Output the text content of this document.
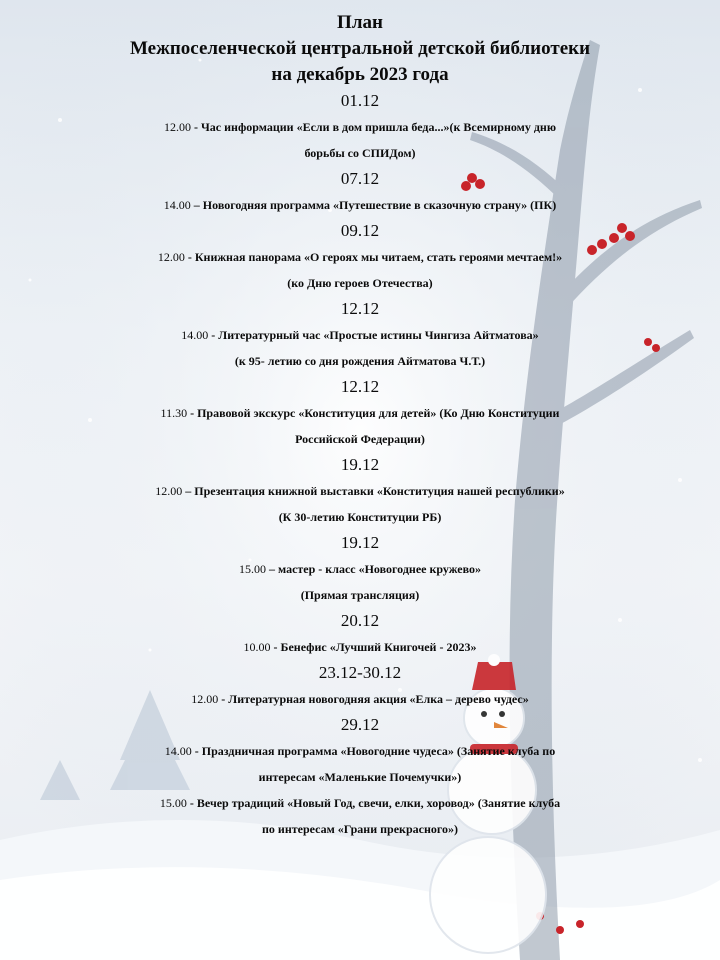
План
Межпоселенческой центральной детской библиотеки
на декабрь 2023 года
01.12
12.00 - Час информации «Если в дом пришла беда...»(к Всемирному дню
борьбы со СПИДом)
07.12
14.00 – Новогодняя программа «Путешествие в сказочную страну» (ПК)
09.12
12.00 - Книжная панорама «О героях мы читаем, стать героями мечтаем!»
(ко Дню героев Отечества)
12.12
14.00 - Литературный час «Простые истины Чингиза Айтматова»
(к 95- летию со дня рождения Айтматова Ч.Т.)
12.12
11.30 - Правовой экскурс «Конституция для детей» (Ко Дню Конституции
Российской Федерации)
19.12
12.00 – Презентация книжной выставки «Конституция нашей республики»
(К 30-летию Конституции РБ)
19.12
15.00 – мастер - класс «Новогоднее кружево»
(Прямая трансляция)
20.12
10.00 - Бенефис «Лучший Книгочей - 2023»
23.12-30.12
12.00 - Литературная новогодняя акция «Елка – дерево чудес»
29.12
14.00 - Праздничная программа «Новогодние чудеса» (Занятие клуба по
интересам «Маленькие Почемучки»)
15.00 - Вечер традиций «Новый Год, свечи, елки, хоровод» (Занятие клуба
по интересам «Грани прекрасного»)
